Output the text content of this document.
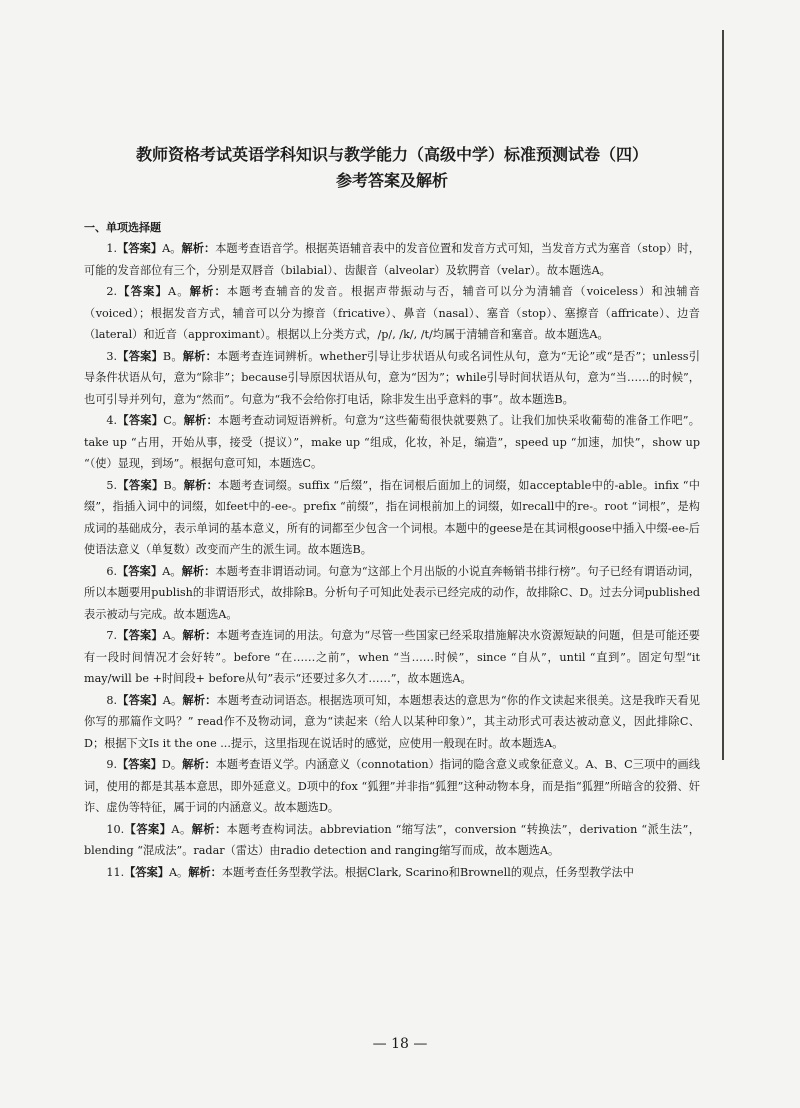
教师资格考试英语学科知识与教学能力（高级中学）标准预测试卷（四）
参考答案及解析
一、单项选择题

1.【答案】A。解析：本题考查语音学。根据英语辅音表中的发音位置和发音方式可知，当发音方式为塞音（stop）时，可能的发音部位有三个，分别是双唇音（bilabial）、齿龈音（alveolar）及软腭音（velar）。故本题选A。

2.【答案】A。解析：本题考查辅音的发音。根据声带振动与否，辅音可以分为清辅音（voiceless）和浊辅音（voiced）；根据发音方式，辅音可以分为擦音（fricative）、鼻音（nasal）、塞音（stop）、塞擦音（affricate）、边音（lateral）和近音（approximant）。根据以上分类方式，/p/, /k/, /t/均属于清辅音和塞音。故本题选A。

3.【答案】B。解析：本题考查连词辨析。whether引导让步状语从句或名词性从句，意为“无论”或“是否”；unless引导条件状语从句，意为“除非”；because引导原因状语从句，意为“因为”；while引导时间状语从句，意为“当……的时候”，也可引导并列句，意为“然而”。句意为“我不会给你打电话，除非发生出乎意料的事”。故本题选B。

4.【答案】C。解析：本题考查动词短语辨析。句意为“这些葡萄很快就要熟了。让我们加快采收葡萄的准备工作吧”。take up “占用，开始从事，接受（提议）”，make up “组成，化妆，补足，编造”，speed up “加速，加快”，show up “（使）显现，到场”。根据句意可知，本题选C。

5.【答案】B。解析：本题考查词缀。suffix “后缀”，指在词根后面加上的词缀，如acceptable中的-able。infix “中缀”，指插入词中的词缀，如feet中的-ee-。prefix “前缀”，指在词根前加上的词缀，如recall中的re-。root “词根”，是构成词的基础成分，表示单词的基本意义，所有的词都至少包含一个词根。本题中的geese是在其词根goose中插入中缀-ee-后使语法意义（单复数）改变而产生的派生词。故本题选B。

6.【答案】A。解析：本题考查非谓语动词。句意为“这部上个月出版的小说直奔畅销书排行榜”。句子已经有谓语动词，所以本题要用publish的非谓语形式，故排除B。分析句子可知此处表示已经完成的动作，故排除C、D。过去分词published表示被动与完成。故本题选A。

7.【答案】A。解析：本题考查连词的用法。句意为“尽管一些国家已经采取措施解决水资源短缺的问题，但是可能还要有一段时间情况才会好转”。before “在……之前”，when “当……时候”，since “自从”，until “直到”。固定句型“it may/will be +时间段+ before从句”表示“还要过多久才……”，故本题选A。

8.【答案】A。解析：本题考查动词语态。根据选项可知，本题想表达的意思为“你的作文读起来很美。这是我昨天看见你写的那篇作文吗？” read作不及物动词，意为“读起来（给人以某种印象）”，其主动形式可表达被动意义，因此排除C、D；根据下文Is it the one ...提示，这里指现在说话时的感觉，应使用一般现在时。故本题选A。

9.【答案】D。解析：本题考查语义学。内涵意义（connotation）指词的隐含意义或象征意义。A、B、C三项中的画线词，使用的都是其基本意思，即外延意义。D项中的fox “狐狸”并非指“狐狸”这种动物本身，而是指“狐狸”所暗含的狡猾、奸诈、虚伪等特征，属于词的内涵意义。故本题选D。

10.【答案】A。解析：本题考查构词法。abbreviation “缩写法”，conversion “转换法”，derivation “派生法”，blending “混成法”。radar（雷达）由radio detection and ranging缩写而成，故本题选A。

11.【答案】A。解析：本题考查任务型教学法。根据Clark, Scarino和Brownell的观点，任务型教学法中

— 18 —
